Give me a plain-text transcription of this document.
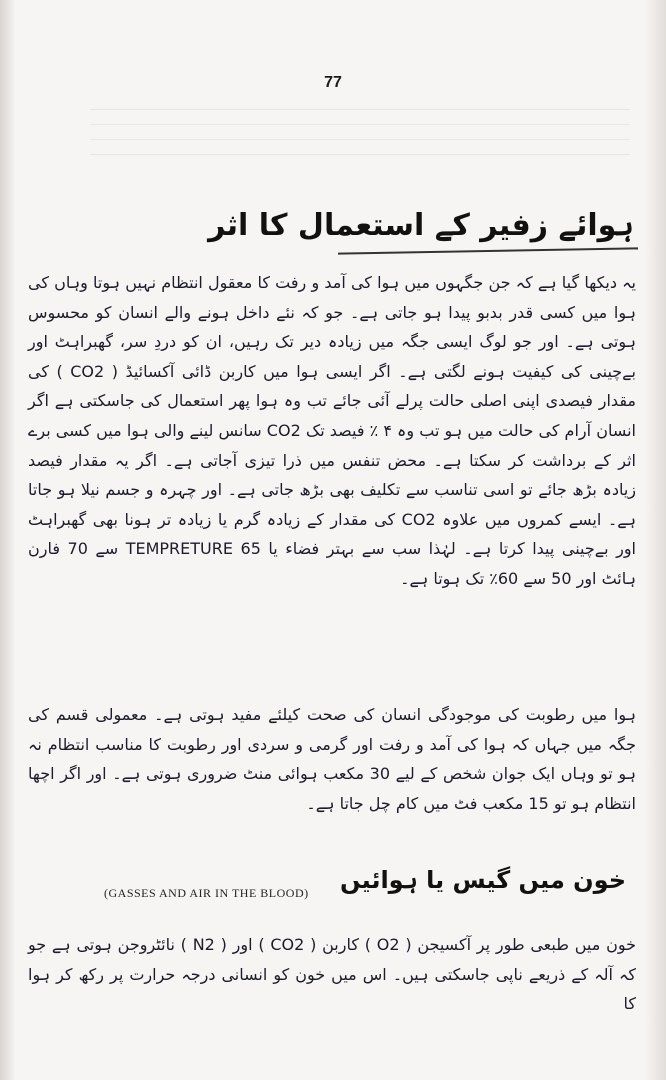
77
ہوائے زفیر کے استعمال کا اثر
یہ دیکھا گیا ہے کہ جن جگہوں میں ہوا کی آمد و رفت کا معقول انتظام نہیں ہوتا وہاں کی ہوا میں کسی قدر بدبو پیدا ہو جاتی ہے۔ جو کہ نئے داخل ہونے والے انسان کو محسوس ہوتی ہے۔ اور جو لوگ ایسی جگہ میں زیادہ دیر تک رہیں، ان کو دردِ سر، گھبراہٹ اور بےچینی کی کیفیت ہونے لگتی ہے۔ اگر ایسی ہوا میں کاربن ڈائی آکسائیڈ ( CO2 ) کی مقدار فیصدی اپنی اصلی حالت پرلے آئی جائے تب وہ ہوا پھر استعمال کی جاسکتی ہے اگر انسان آرام کی حالت میں ہو تب وہ ۴ ٪ فیصد تک CO2 سانس لینے والی ہوا میں کسی برے اثر کے برداشت کر سکتا ہے۔ محض تنفس میں ذرا تیزی آجاتی ہے۔ اگر یہ مقدار فیصد زیادہ بڑھ جائے تو اسی تناسب سے تکلیف بھی بڑھ جاتی ہے۔ اور چہرہ و جسم نیلا ہو جاتا ہے۔ ایسے کمروں میں علاوہ CO2 کی مقدار کے زیادہ گرم یا زیادہ تر ہونا بھی گھبراہٹ اور بےچینی پیدا کرتا ہے۔ لہٰذا سب سے بہتر فضاء یا TEMPRETURE 65 سے 70 فارن ہائٹ اور 50 سے 60٪ تک ہوتا ہے۔
ہوا میں رطوبت کی موجودگی انسان کی صحت کیلئے مفید ہوتی ہے۔ معمولی قسم کی جگہ میں جہاں کہ ہوا کی آمد و رفت اور گرمی و سردی اور رطوبت کا مناسب انتظام نہ ہو تو وہاں ایک جوان شخص کے لیے 30 مکعب ہوائی منٹ ضروری ہوتی ہے۔ اور اگر اچھا انتظام ہو تو 15 مکعب فٹ میں کام چل جاتا ہے۔
خون میں گیس یا ہوائیں
(GASSES AND AIR IN THE BLOOD)
خون میں طبعی طور پر آکسیجن ( O2 ) کاربن ( CO2 ) اور ( N2 ) نائٹروجن ہوتی ہے جو کہ آلہ کے ذریعے ناپی جاسکتی ہیں۔ اس میں خون کو انسانی درجہ حرارت پر رکھ کر ہوا کا
